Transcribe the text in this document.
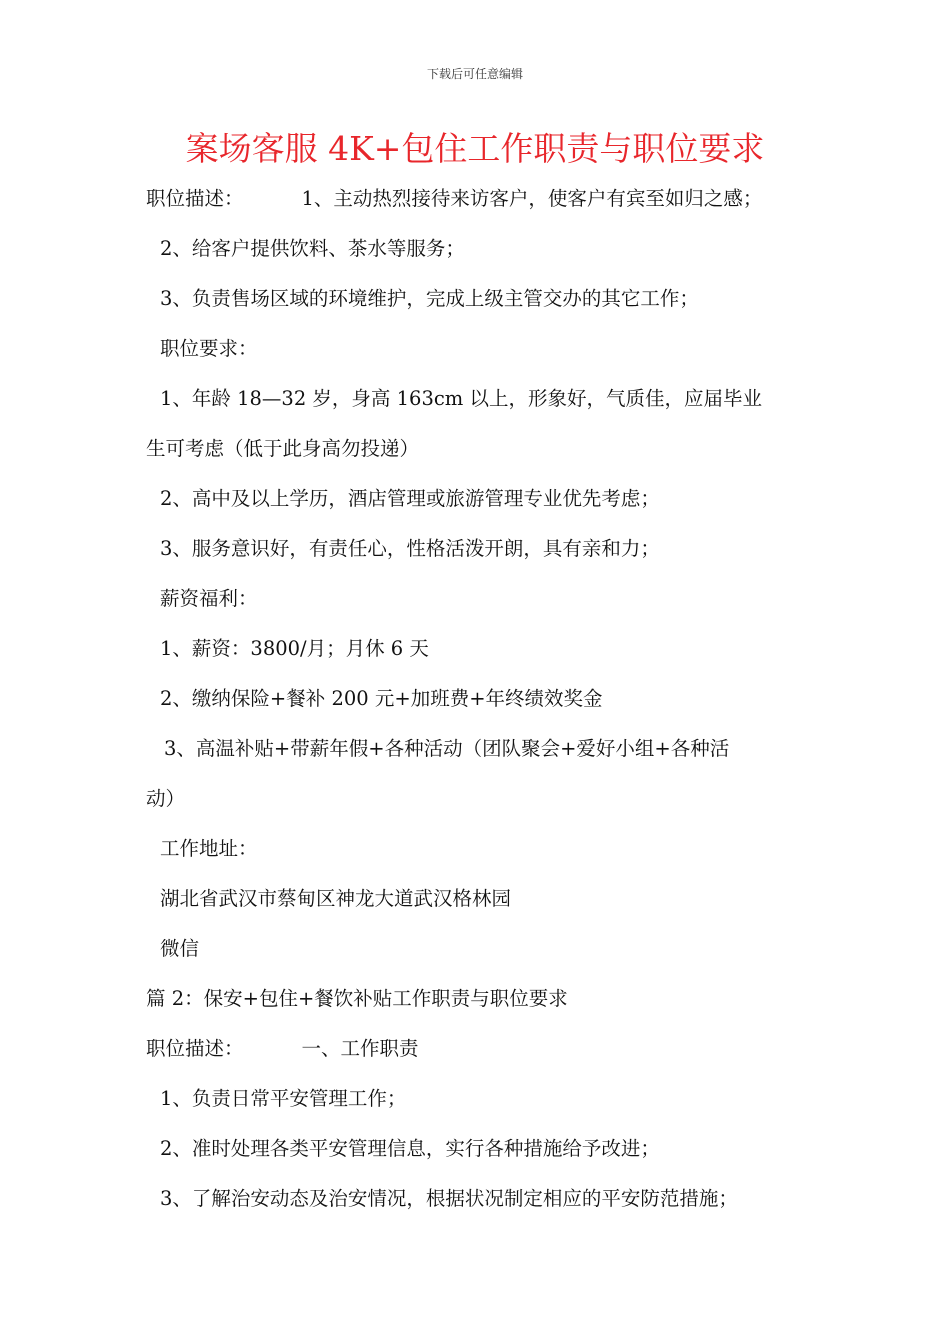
下载后可任意编辑
案场客服 4K+包住工作职责与职位要求
职位描述：	1、主动热烈接待来访客户，使客户有宾至如归之感；
2、给客户提供饮料、茶水等服务；
3、负责售场区域的环境维护，完成上级主管交办的其它工作；
职位要求：
1、年龄 18—32 岁，身高 163cm 以上，形象好，气质佳，应届毕业
生可考虑（低于此身高勿投递）
2、高中及以上学历，酒店管理或旅游管理专业优先考虑；
3、服务意识好，有责任心，性格活泼开朗，具有亲和力；
薪资福利：
1、薪资：3800/月；月休 6 天
2、缴纳保险+餐补 200 元+加班费+年终绩效奖金
3、高温补贴+带薪年假+各种活动（团队聚会+爱好小组+各种活
动）
工作地址：
湖北省武汉市蔡甸区神龙大道武汉格林园
微信
篇 2：保安+包住+餐饮补贴工作职责与职位要求
职位描述：	一、工作职责
1、负责日常平安管理工作；
2、准时处理各类平安管理信息，实行各种措施给予改进；
3、了解治安动态及治安情况，根据状况制定相应的平安防范措施；
